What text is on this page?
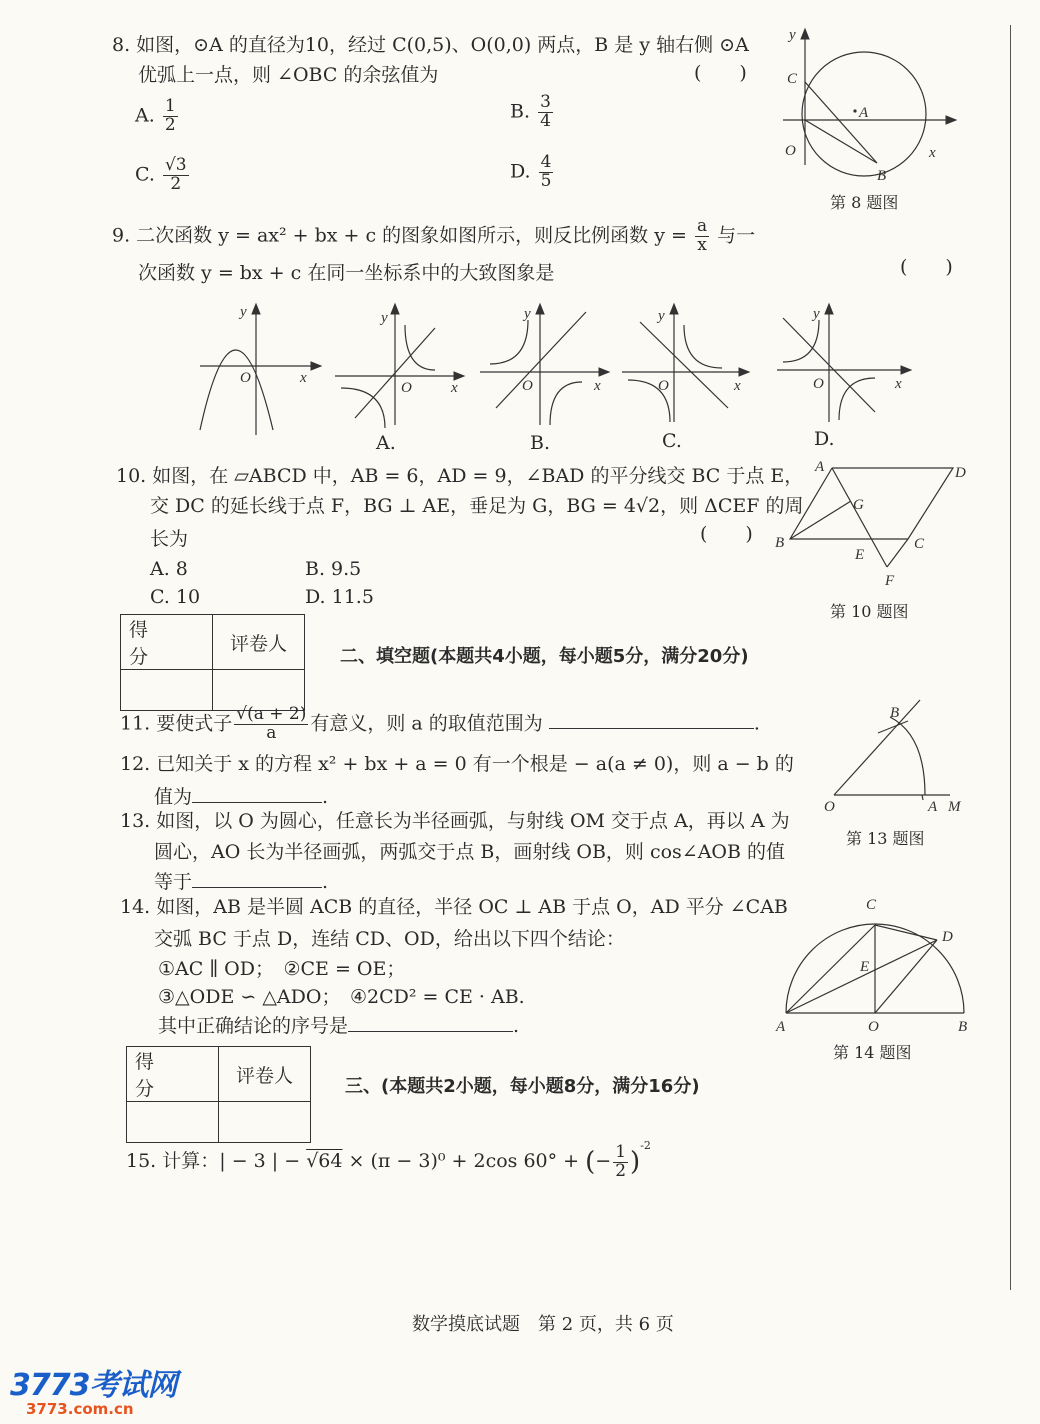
8. 如图，⊙A 的直径为10，经过 C(0,5)、O(0,0) 两点，B 是 y 轴右侧 ⊙A
优弧上一点，则 ∠OBC 的余弦值为	(　　)
A. $\frac{1}{2}$	B. $\frac{3}{4}$
C. $\frac{√3}{2}$	D. $\frac{4}{5}$
y
C
A
O	x
B
第 8 题图
9. 二次函数 y = ax² + bx + c 的图象如图所示，则反比例函数 $y = \frac{a}{x}$ 与一
次函数 y = bx + c 在同一坐标系中的大致图象是	(　　)
y
O	x
y
O	x
y
O	x
y
O	x
y
O	x
A.	B.	C.	D.
10. 如图，在 ▱ABCD 中，AB = 6，AD = 9，∠BAD 的平分线交 BC 于点 E，
交 DC 的延长线于点 F，BG ⊥ AE，垂足为 G，BG = 4√2，则 ΔCEF 的周
长为	(　　)
A. 8	B. 9.5
C. 10	D. 11.5
A	D
G
B
E
C
F
第 10 题图
得　　分	评卷人

二、填空题(本题共4小题，每小题5分，满分20分)
11. 要使式子 $\frac{√(a + 2)}{a}$ 有意义，则 a 的取值范围为	.
12. 已知关于 x 的方程 x² + bx + a = 0 有一个根是 − a(a ≠ 0)，则 a − b 的
值为	.
13. 如图，以 O 为圆心，任意长为半径画弧，与射线 OM 交于点 A，再以 A 为
圆心，AO 长为半径画弧，两弧交于点 B，画射线 OB，则 cos∠AOB 的值
等于	.
B
O	A M
第 13 题图
14. 如图，AB 是半圆 ACB 的直径，半径 OC ⊥ AB 于点 O，AD 平分 ∠CAB
交弧 BC 于点 D，连结 CD、OD，给出以下四个结论：
①AC ∥ OD；　②CE = OE；
③△ODE ∽ △ADO；　④2CD² = CE · AB.
其中正确结论的序号是	.
C
D
E
A	O	B
第 14 题图
得　　分	评卷人
		三、(本题共2小题，每小题8分，满分16分)
15. 计算：| − 3 | − √64 × (π − 3)⁰ + 2cos 60° + (− $\frac{1}{2} )^{-2}$
数学摸底试题　第 2 页，共 6 页
3773考试网
3773.com.cn
